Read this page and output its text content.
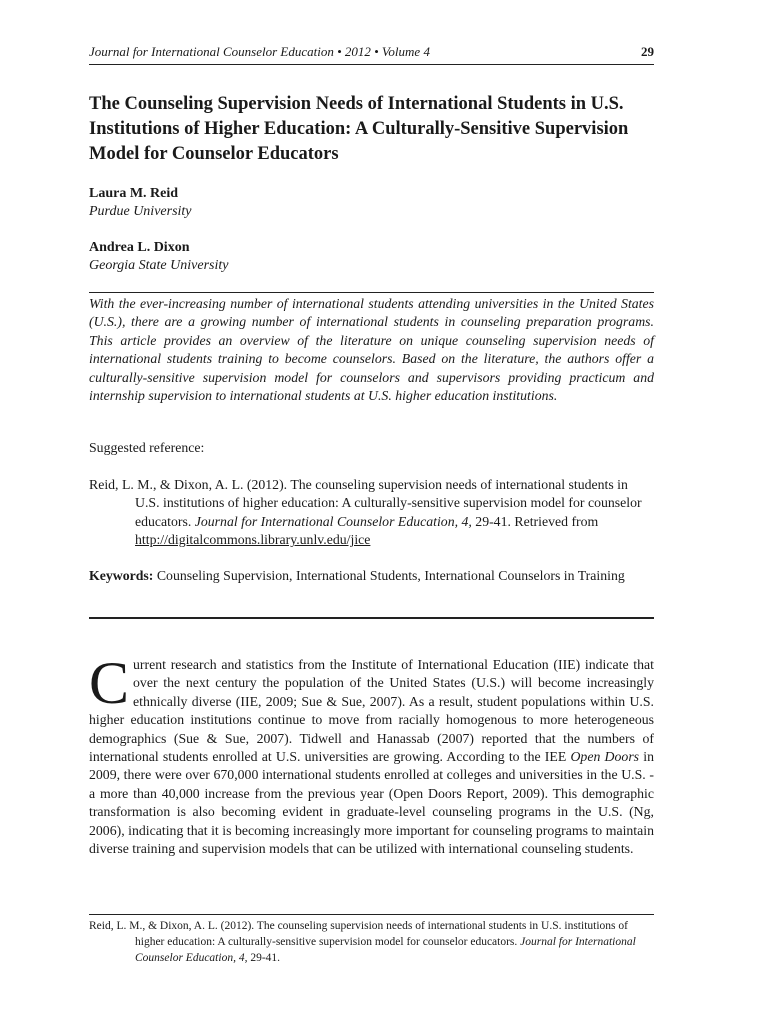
Journal for International Counselor Education • 2012 • Volume 4	29
The Counseling Supervision Needs of International Students in U.S. Institutions of Higher Education: A Culturally-Sensitive Supervision Model for Counselor Educators
Laura M. Reid
Purdue University
Andrea L. Dixon
Georgia State University

With the ever-increasing number of international students attending universities in the United States (U.S.), there are a growing number of international students in counseling preparation programs. This article provides an overview of the literature on unique counseling supervision needs of international students training to become counselors. Based on the literature, the authors offer a culturally-sensitive supervision model for counselors and supervisors providing practicum and internship supervision to international students at U.S. higher education institutions.

Suggested reference:

Reid, L. M., & Dixon, A. L. (2012). The counseling supervision needs of international students in U.S. institutions of higher education: A culturally-sensitive supervision model for counselor educators. Journal for International Counselor Education, 4, 29-41. Retrieved from http://digitalcommons.library.unlv.edu/jice

Keywords: Counseling Supervision, International Students, International Counselors in Training

Current research and statistics from the Institute of International Education (IIE) indicate that over the next century the population of the United States (U.S.) will become increasingly ethnically diverse (IIE, 2009; Sue & Sue, 2007). As a result, student populations within U.S. higher education institutions continue to move from racially homogenous to more heterogeneous demographics (Sue & Sue, 2007). Tidwell and Hanassab (2007) reported that the numbers of international students enrolled at U.S. universities are growing. According to the IEE Open Doors in 2009, there were over 670,000 international students enrolled at colleges and universities in the U.S. - a more than 40,000 increase from the previous year (Open Doors Report, 2009). This demographic transformation is also becoming evident in graduate-level counseling programs in the U.S. (Ng, 2006), indicating that it is becoming increasingly more important for counseling programs to maintain diverse training and supervision models that can be utilized with international counseling students.

Reid, L. M., & Dixon, A. L. (2012). The counseling supervision needs of international students in U.S. institutions of higher education: A culturally-sensitive supervision model for counselor educators. Journal for International Counselor Education, 4, 29-41.
